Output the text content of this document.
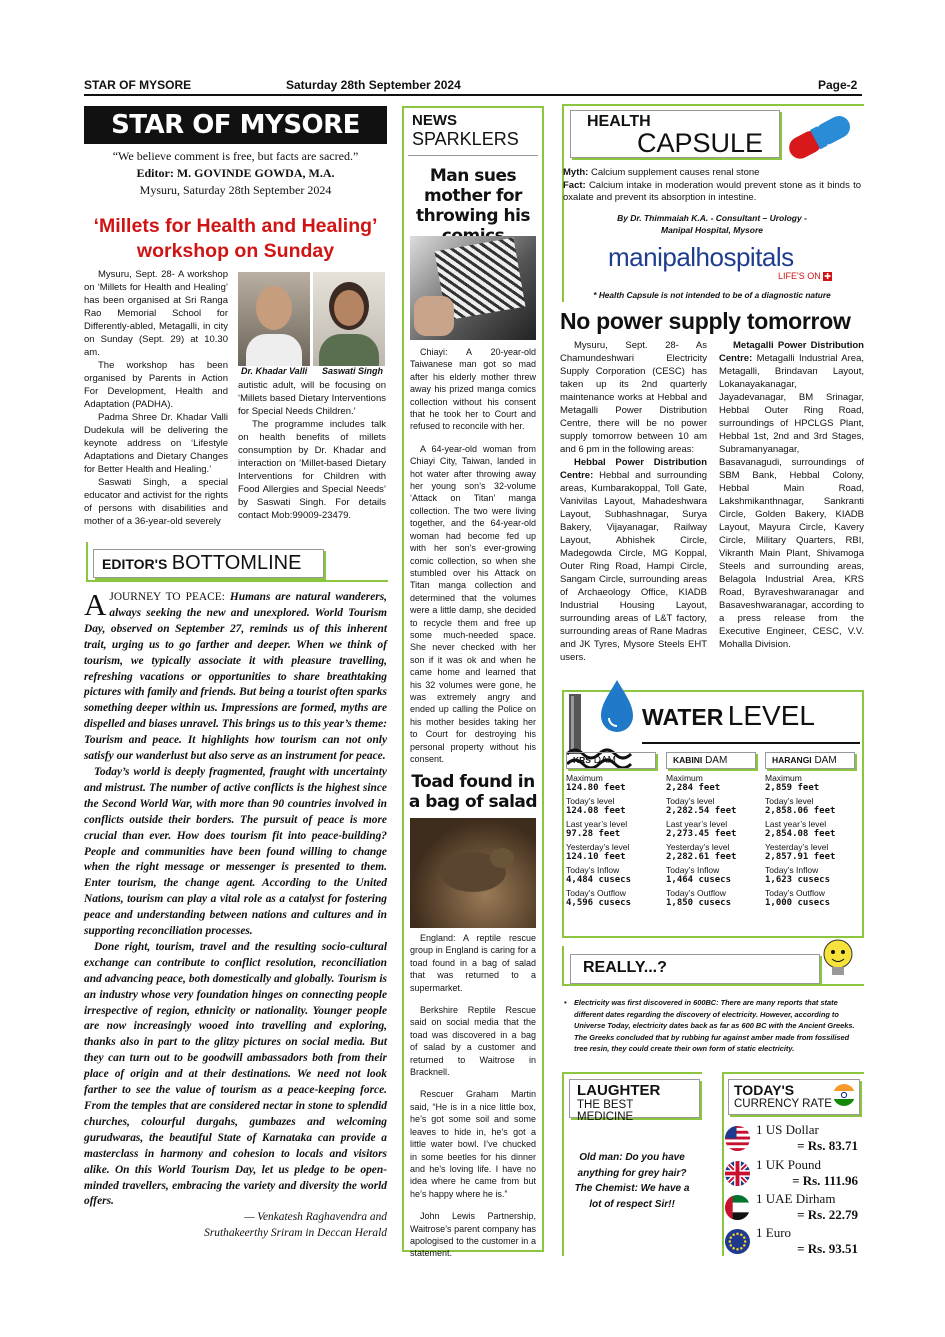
STAR OF MYSORE	Saturday 28th September 2024	Page-2
STAR OF MYSORE
“We believe comment is free, but facts are sacred.”
Editor: M. GOVINDE GOWDA, M.A.
Mysuru, Saturday 28th September 2024
‘Millets for Health and Healing’ workshop on Sunday

Mysuru, Sept. 28- A workshop on ‘Millets for Health and Healing’ has been organised at Sri Ranga Rao Memorial School for Differently-abled, Metagalli, in city on Sunday (Sept. 29) at 10.30 am.

The workshop has been organised by Parents in Action For Development, Health and Adaptation (PADHA).

Padma Shree Dr. Khadar Valli Dudekula will be delivering the keynote address on ‘Lifestyle Adaptations and Dietary Changes for Better Health and Healing.’

Saswati Singh, a special educator and activist for the rights of persons with disabilities and mother of a 36-year-old severely

Dr. Khadar Valli Saswati Singh

autistic adult, will be focusing on ‘Millets based Dietary Interventions for Special Needs Children.’

The programme includes talk on health benefits of millets consumption by Dr. Khadar and interaction on ‘Millet-based Dietary Interventions for Children with Food Allergies and Special Needs’ by Saswati Singh. For details contact Mob:99009-23479.

EDITOR'S BOTTOMLINE

AJOURNEY TO PEACE: Humans are natural wanderers, always seeking the new and unexplored. World Tourism Day, observed on September 27, reminds us of this inherent trait, urging us to go farther and deeper. When we think of tourism, we typically associate it with pleasure travelling, refreshing vacations or opportunities to share breathtaking pictures with family and friends. But being a tourist often sparks something deeper within us. Impressions are formed, myths are dispelled and biases unravel. This brings us to this year’s theme: Tourism and peace. It highlights how tourism can not only satisfy our wanderlust but also serve as an instrument for peace.

Today’s world is deeply fragmented, fraught with uncertainty and mistrust. The number of active conflicts is the highest since the Second World War, with more than 90 countries involved in conflicts outside their borders. The pursuit of peace is more crucial than ever. How does tourism fit into peace-building? People and communities have been found willing to change when the right message or messenger is presented to them. Enter tourism, the change agent. According to the United Nations, tourism can play a vital role as a catalyst for fostering peace and understanding between nations and cultures and in supporting reconciliation processes.

Done right, tourism, travel and the resulting socio-cultural exchange can contribute to conflict resolution, reconciliation and advancing peace, both domestically and globally. Tourism is an industry whose very foundation hinges on connecting people irrespective of region, ethnicity or nationality. Younger people are now increasingly wooed into travelling and exploring, thanks also in part to the glitzy pictures on social media. But they can turn out to be goodwill ambassadors both from their place of origin and at their destinations. We need not look farther to see the value of tourism as a peace-keeping force. From the temples that are considered nectar in stone to splendid churches, colourful durgahs, gumbazes and welcoming gurudwaras, the beautiful State of Karnataka can provide a masterclass in harmony and cohesion to locals and visitors alike. On this World Tourism Day, let us pledge to be open-minded travellers, embracing the variety and diversity the world offers.

— Venkatesh Raghavendra and

Sruthakeerthy Sriram in Deccan Herald

NEWS
SPARKLERS
Man sues mother for throwing his

Chiayi: A 20-year-old Taiwanese man got so mad after his elderly mother threw away his prized manga comics collection without his consent that he took her to Court and refused to reconcile with her.

A 64-year-old woman from Chiayi City, Taiwan, landed in hot water after throwing away her young son’s 32-volume ‘Attack on Titan’ manga collection. The two were living together, and the 64-year-old woman had become fed up with her son’s ever-growing comic collection, so when she stumbled over his Attack on Titan manga collection and determined that the volumes were a little damp, she decided to recycle them and free up some much-needed space. She never checked with her son if it was ok and when he came home and learned that his 32 volumes were gone, he was extremely angry and ended up calling the Police on his mother besides taking her to Court for destroying his personal property without his consent.

Toad found in a bag of salad

England: A reptile rescue group in England is caring for a toad found in a bag of salad that was returned to a supermarket.

Berkshire Reptile Rescue said on social media that the toad was discovered in a bag of salad by a customer and returned to Waitrose in Bracknell.

Rescuer Graham Martin said, “He is in a nice little box, he’s got some soil and some leaves to hide in, he’s got a little water bowl. I’ve chucked in some beetles for his dinner and he’s loving life. I have no idea where he came from but he’s happy where he is.”

John Lewis Partnership, Waitrose’s parent company has apologised to the customer in a statement.

HEALTH
CAPSULE
Myth: Calcium supplement causes renal stone
Fact: Calcium intake in moderation would prevent stone as it binds to oxalate and prevent its absorption in intestine.
By Dr. Thimmaiah K.A. - Consultant – Urology -
Manipal Hospital, Mysore
manipalhospitals
LIFE'S ON ✚
* Health Capsule is not intended to be of a diagnostic nature
No power supply tomorrow

Mysuru, Sept. 28- As Chamundeshwari Electricity Supply Corporation (CESC) has taken up its 2nd quarterly maintenance works at Hebbal and Metagalli Power Distribution Centre, there will be no power supply tomorrow between 10 am and 6 pm in the following areas:

Hebbal Power Distribution Centre: Hebbal and surrounding areas, Kumbarakoppal, Toll Gate, Vanivilas Layout, Mahadeshwara Layout, Subhashnagar, Surya Bakery, Vijayanagar, Railway Layout, Abhishek Circle, Madegowda Circle, MG Koppal, Outer Ring Road, Hampi Circle, Sangam Circle, surrounding areas of Archaeology Office, KIADB Industrial Housing Layout, surrounding areas of L&T factory, surrounding areas of Rane Madras and JK Tyres, Mysore Steels EHT users.

Metagalli Power Distribution Centre: Metagalli Industrial Area, Metagalli, Brindavan Layout, Lokanayakanagar, Jayadevanagar, BM Srinagar, Hebbal Outer Ring Road, surroundings of HPCLGS Plant, Hebbal 1st, 2nd and 3rd Stages, Subramanyanagar, Basavanagudi, surroundings of SBM Bank, Hebbal Colony, Hebbal Main Road, Lakshmikanthnagar, Sankranti Circle, Golden Bakery, KIADB Layout, Mayura Circle, Kavery Circle, Military Quarters, RBI, Vikranth Main Plant, Shivamoga Steels and surrounding areas, Belagola Industrial Area, KRS Road, Byraveshwaranagar and Basaveshwaranagar, according to a press release from the Executive Engineer, CESC, V.V. Mohalla Division.

WATER LEVEL
KRS DAM
Maximum
124.80 feet
Today’s level
124.08 feet
Last year’s level
97.28 feet
Yesterday’s level
124.10 feet
Today’s Inflow
4,484 cusecs
Today’s Outflow
4,596 cusecs
KABINI DAM
Maximum
2,284 feet
Today’s level
2,282.54 feet
Last year’s level
2,273.45 feet
Yesterday’s level
2,282.61 feet
Today’s Inflow
1,464 cusecs
Today’s Outflow
1,850 cusecs
HARANGI DAM
Maximum
2,859 feet
Today’s level
2,858.06 feet
Last year’s level
2,854.08 feet
Yesterday’s level
2,857.91 feet
Today’s Inflow
1,623 cusecs
Today’s Outflow
1,000 cusecs
REALLY...?
• Electricity was first discovered in 600BC: There are many reports that state different dates regarding the discovery of electricity. However, according to Universe Today, electricity dates back as far as 600 BC with the Ancient Greeks. The Greeks concluded that by rubbing fur against amber made from fossilised tree resin, they could create their own form of static electricity.
LAUGHTER
THE BEST MEDICINE
Old man: Do you have anything for grey hair? The Chemist: We have a lot of respect Sir!!
TODAY'S
CURRENCY RATE
1 US Dollar
= Rs. 83.71
1 UK Pound
= Rs. 111.96
1 UAE Dirham
= Rs. 22.79
1 Euro
= Rs. 93.51
